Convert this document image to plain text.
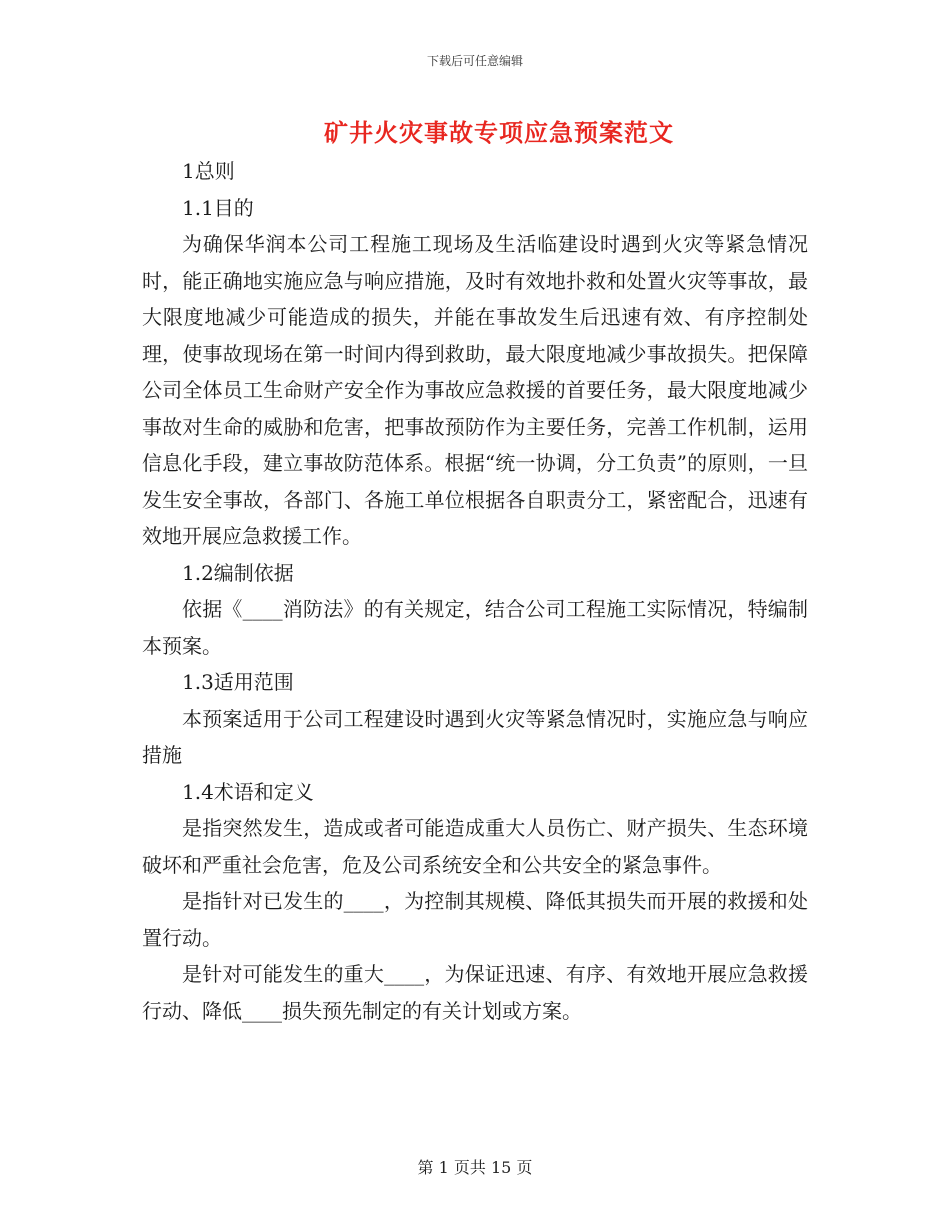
下载后可任意编辑
矿井火灾事故专项应急预案范文

1总则

1.1目的

为确保华润本公司工程施工现场及生活临建设时遇到火灾等紧急情况时，能正确地实施应急与响应措施，及时有效地扑救和处置火灾等事故，最大限度地减少可能造成的损失，并能在事故发生后迅速有效、有序控制处理，使事故现场在第一时间内得到救助，最大限度地减少事故损失。把保障公司全体员工生命财产安全作为事故应急救援的首要任务，最大限度地减少事故对生命的威胁和危害，把事故预防作为主要任务，完善工作机制，运用信息化手段，建立事故防范体系。根据“统一协调，分工负责”的原则，一旦发生安全事故，各部门、各施工单位根据各自职责分工，紧密配合，迅速有效地开展应急救援工作。

1.2编制依据

依据《____消防法》的有关规定，结合公司工程施工实际情况，特编制本预案。

1.3适用范围

本预案适用于公司工程建设时遇到火灾等紧急情况时，实施应急与响应措施

1.4术语和定义

是指突然发生，造成或者可能造成重大人员伤亡、财产损失、生态环境破坏和严重社会危害，危及公司系统安全和公共安全的紧急事件。

是指针对已发生的____，为控制其规模、降低其损失而开展的救援和处置行动。

是针对可能发生的重大____，为保证迅速、有序、有效地开展应急救援行动、降低____损失预先制定的有关计划或方案。

第 1 页共 15 页
